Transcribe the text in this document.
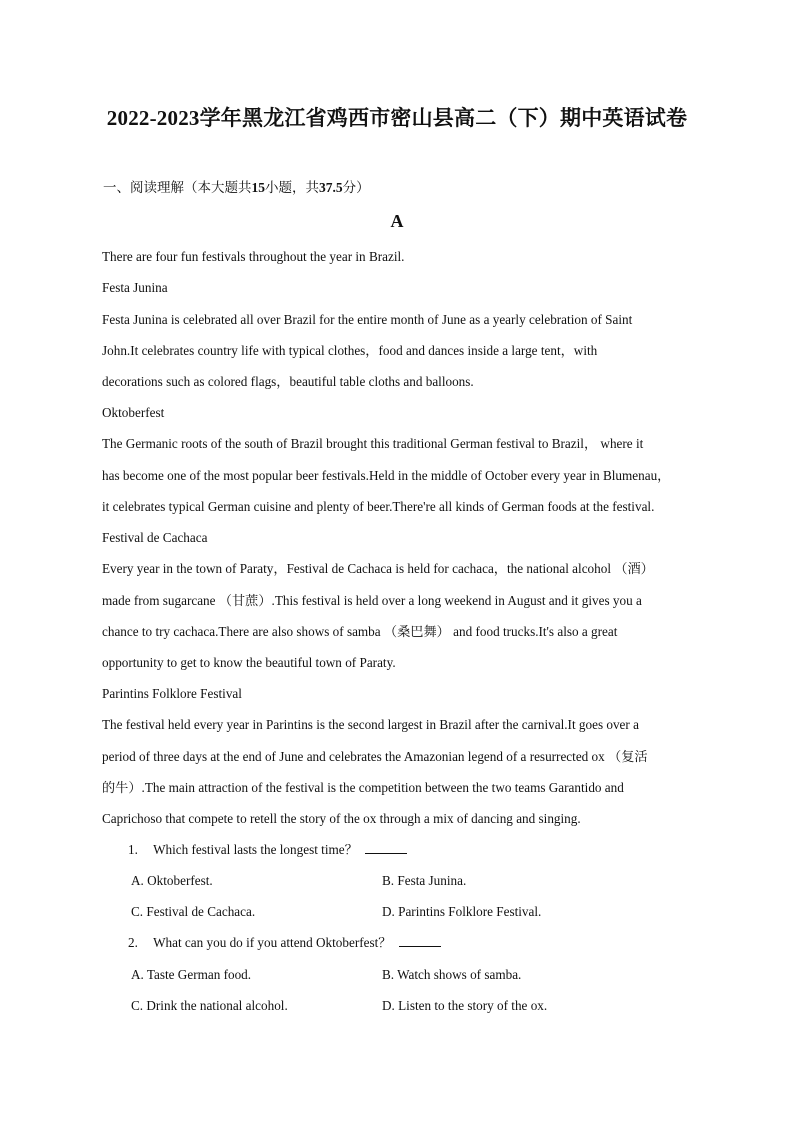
2022-2023学年黑龙江省鸡西市密山县高二（下）期中英语试卷
一、阅读理解（本大题共15小题，共37.5分）
A
There are four fun festivals throughout the year in Brazil.
Festa Junina
Festa Junina is celebrated all over Brazil for the entire month of June as a yearly celebration of Saint
John.It celebrates country life with typical clothes，food and dances inside a large tent，with
decorations such as colored flags，beautiful table cloths and balloons.
Oktoberfest
The Germanic roots of the south of Brazil brought this traditional German festival to Brazil， where it
has become one of the most popular beer festivals.Held in the middle of October every year in Blumenau，
it celebrates typical German cuisine and plenty of beer.There're all kinds of German foods at the festival.
Festival de Cachaca
Every year in the town of Paraty，Festival de Cachaca is held for cachaca，the national alcohol （酒）
made from sugarcane （甘蔗）.This festival is held over a long weekend in August and it gives you a
chance to try cachaca.There are also shows of samba （桑巴舞） and food trucks.It's also a great
opportunity to get to know the beautiful town of Paraty.
Parintins Folklore Festival
The festival held every year in Parintins is the second largest in Brazil after the carnival.It goes over a
period of three days at the end of June and celebrates the Amazonian legend of a resurrected ox （复活
的牛）.The main attraction of the festival is the competition between the two teams Garantido and
Caprichoso that compete to retell the story of the ox through a mix of dancing and singing.
1. Which festival lasts the longest time？
A. Oktoberfest.	B. Festa Junina.
C. Festival de Cachaca.	D. Parintins Folklore Festival.
2. What can you do if you attend Oktoberfest？
A. Taste German food.	B. Watch shows of samba.
C. Drink the national alcohol.	D. Listen to the story of the ox.
